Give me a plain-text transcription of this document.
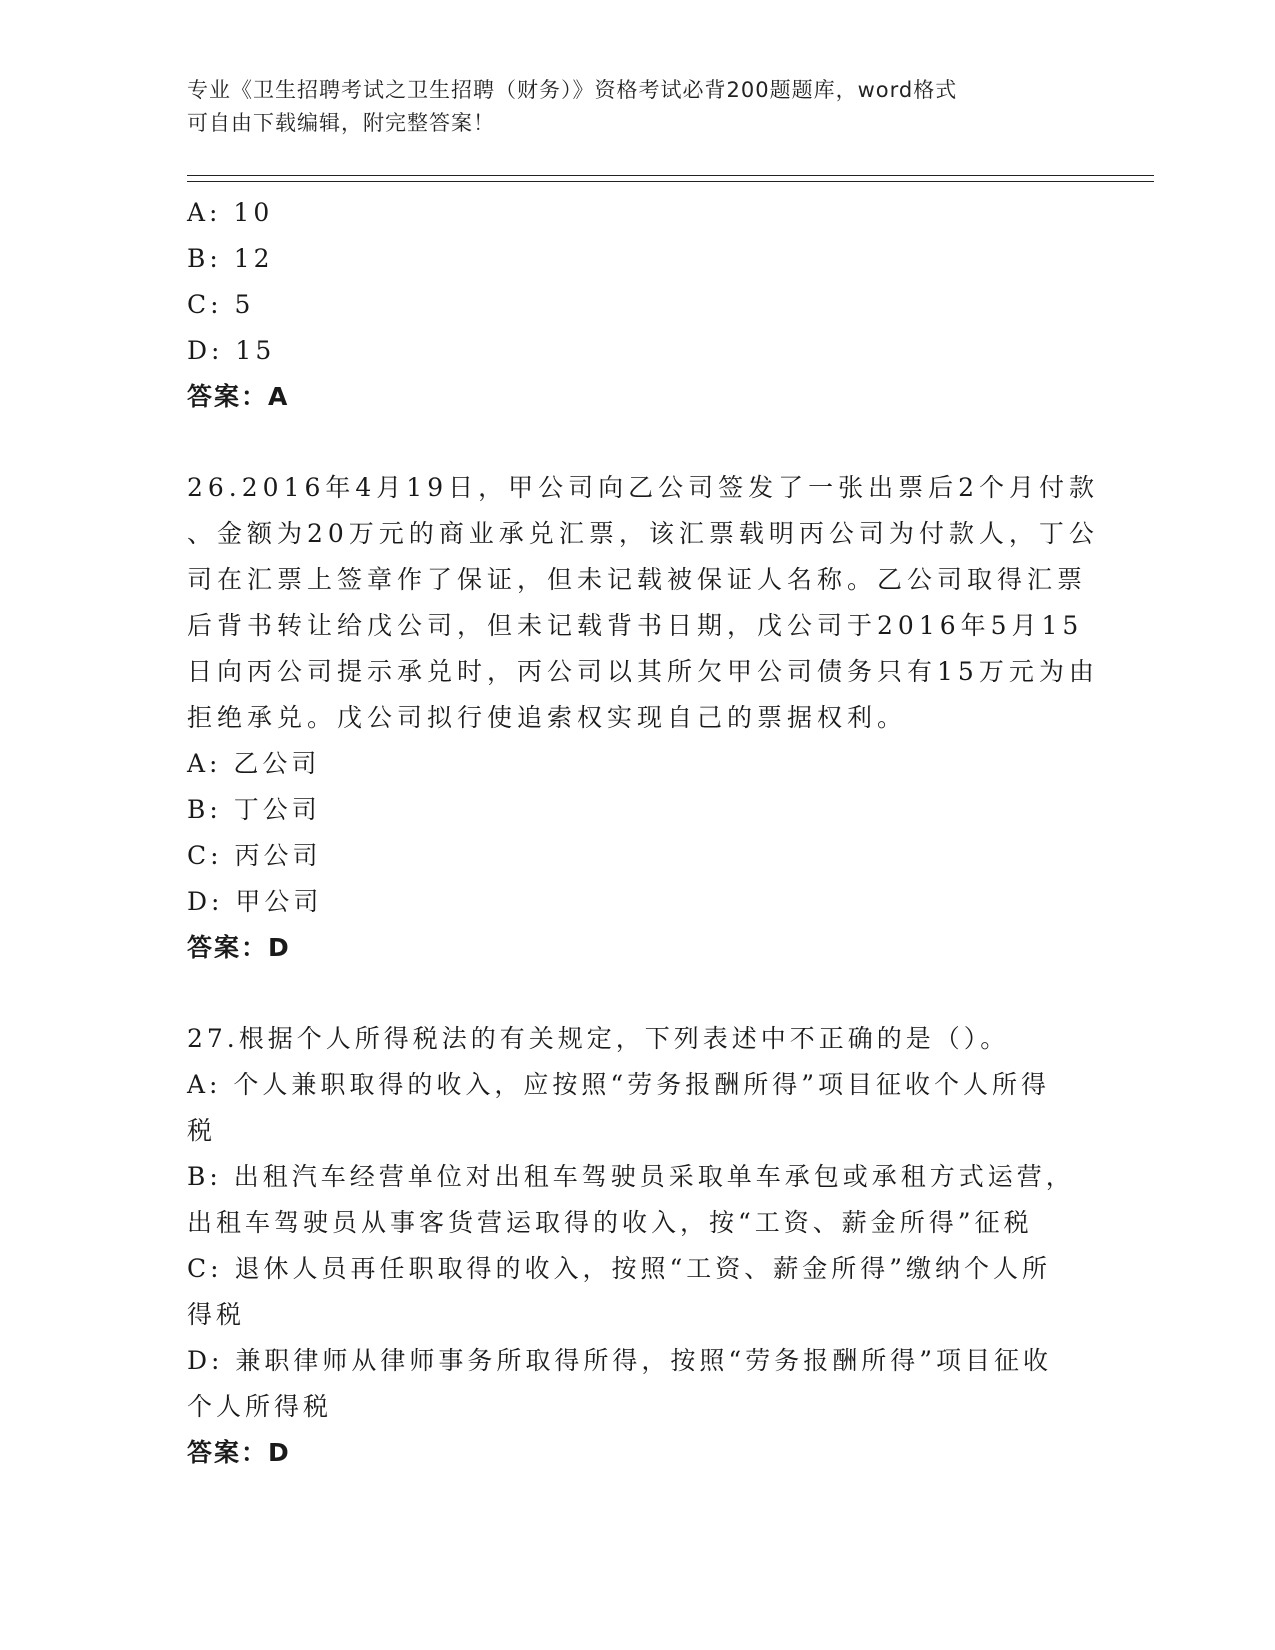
专业《卫生招聘考试之卫生招聘（财务）》资格考试必背200题题库，word格式
可自由下载编辑，附完整答案！
A: 10
B: 12
C: 5
D: 15
答案：A
26.2016年4月19日，甲公司向乙公司签发了一张出票后2个月付款
、金额为20万元的商业承兑汇票，该汇票载明丙公司为付款人，丁公
司在汇票上签章作了保证，但未记载被保证人名称。乙公司取得汇票
后背书转让给戊公司，但未记载背书日期，戊公司于2016年5月15
日向丙公司提示承兑时，丙公司以其所欠甲公司债务只有15万元为由
拒绝承兑。戊公司拟行使追索权实现自己的票据权利。
A: 乙公司
B: 丁公司
C: 丙公司
D: 甲公司
答案：D
27.根据个人所得税法的有关规定，下列表述中不正确的是（）。
A: 个人兼职取得的收入，应按照“劳务报酬所得”项目征收个人所得
税
B: 出租汽车经营单位对出租车驾驶员采取单车承包或承租方式运营，
出租车驾驶员从事客货营运取得的收入，按“工资、薪金所得”征税
C: 退休人员再任职取得的收入，按照“工资、薪金所得”缴纳个人所
得税
D: 兼职律师从律师事务所取得所得，按照“劳务报酬所得”项目征收
个人所得税
答案：D
